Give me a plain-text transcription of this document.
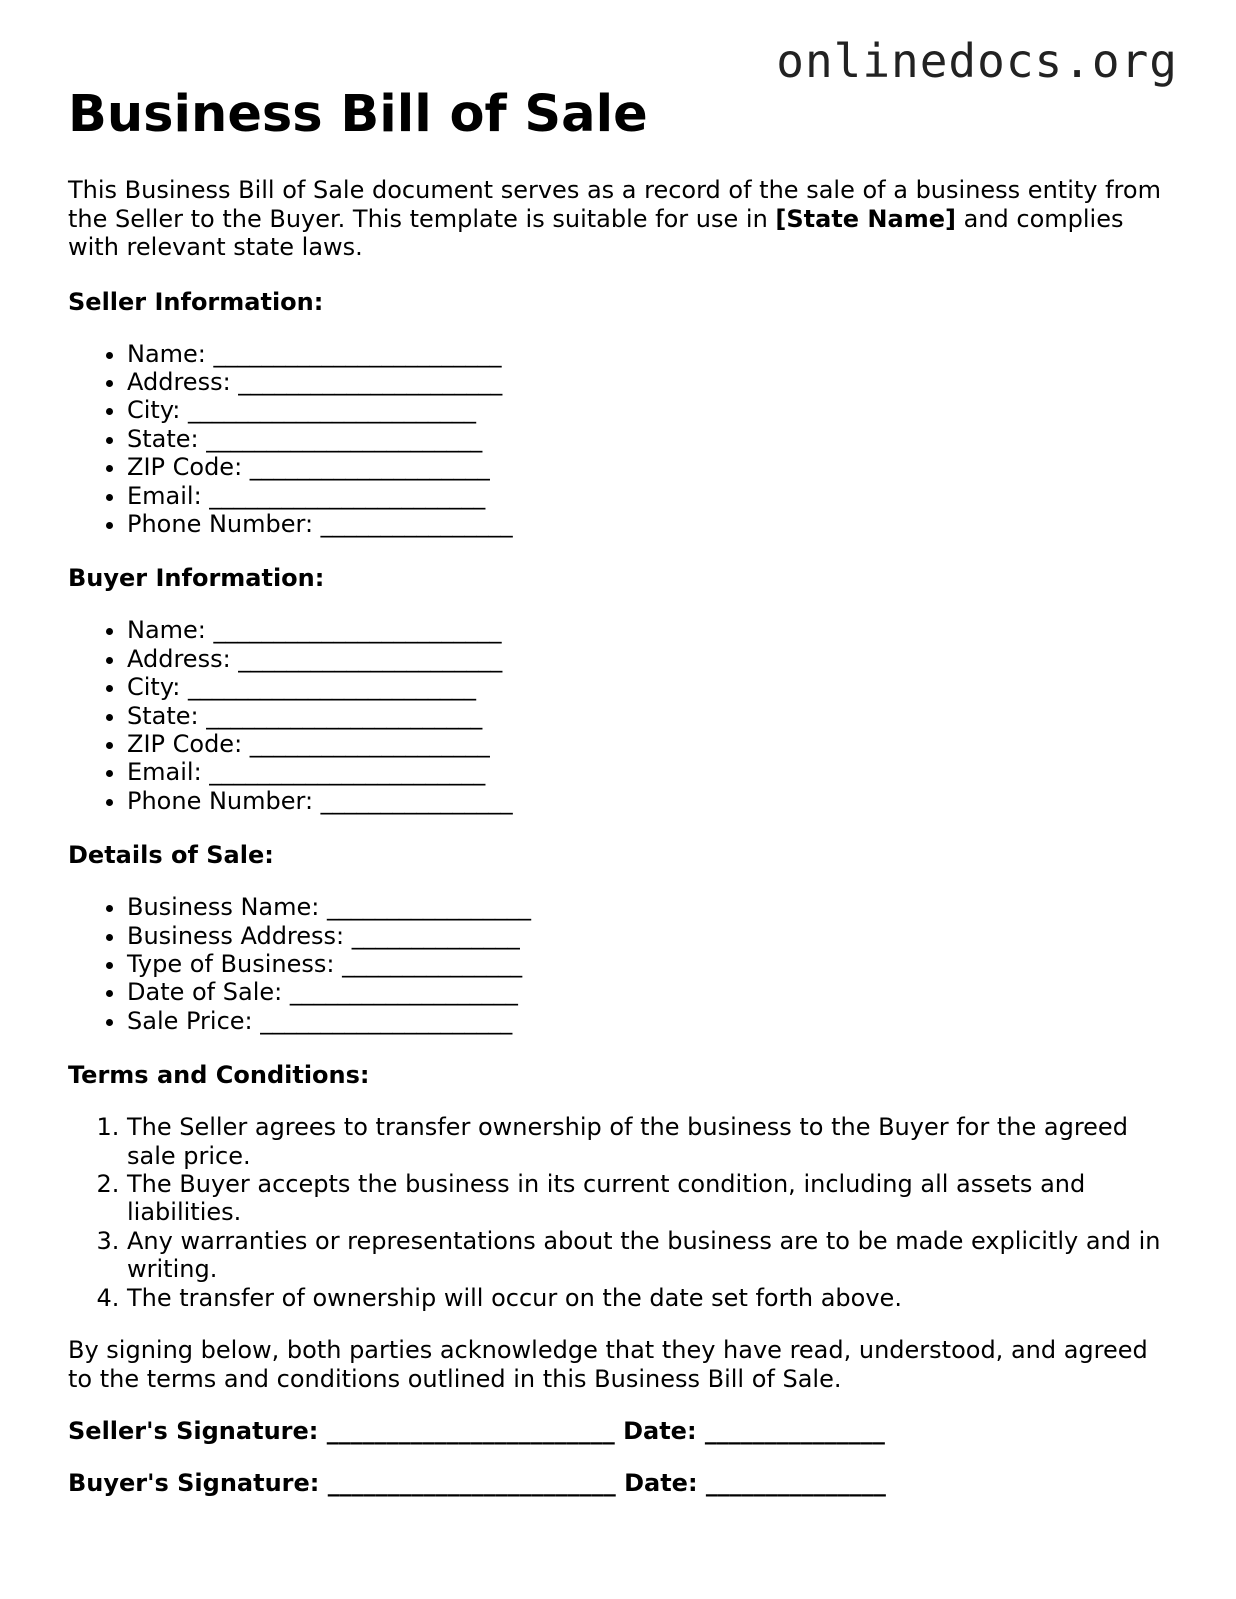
onlinedocs.org
Business Bill of Sale

This Business Bill of Sale document serves as a record of the sale of a business entity from the Seller to the Buyer. This template is suitable for use in [State Name] and complies with relevant state laws.

Seller Information:
• Name: ________________________
• Address: ______________________
• City: ________________________
• State: _______________________
• ZIP Code: ____________________
• Email: _______________________
• Phone Number: ________________
Buyer Information:
• Name: ________________________
• Address: ______________________
• City: ________________________
• State: _______________________
• ZIP Code: ____________________
• Email: _______________________
• Phone Number: ________________
Details of Sale:
• Business Name: _________________
• Business Address: ______________
• Type of Business: _______________
• Date of Sale: ___________________
• Sale Price: _____________________
Terms and Conditions:
1. The Seller agrees to transfer ownership of the business to the Buyer for the agreed sale price.
2. The Buyer accepts the business in its current condition, including all assets and liabilities.
3. Any warranties or representations about the business are to be made explicitly and in writing.
4. The transfer of ownership will occur on the date set forth above.

By signing below, both parties acknowledge that they have read, understood, and agreed to the terms and conditions outlined in this Business Bill of Sale.

Seller's Signature: ________________________ Date: _______________

Buyer's Signature: ________________________ Date: _______________
